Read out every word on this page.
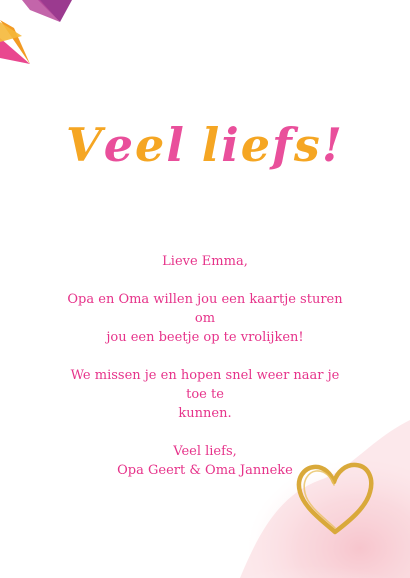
Veel liefs!

Lieve Emma,

Opa en Oma willen jou een kaartje sturen om
jou een beetje op te vrolijken!

We missen je en hopen snel weer naar je toe te
kunnen.

Veel liefs,
Opa Geert & Oma Janneke
